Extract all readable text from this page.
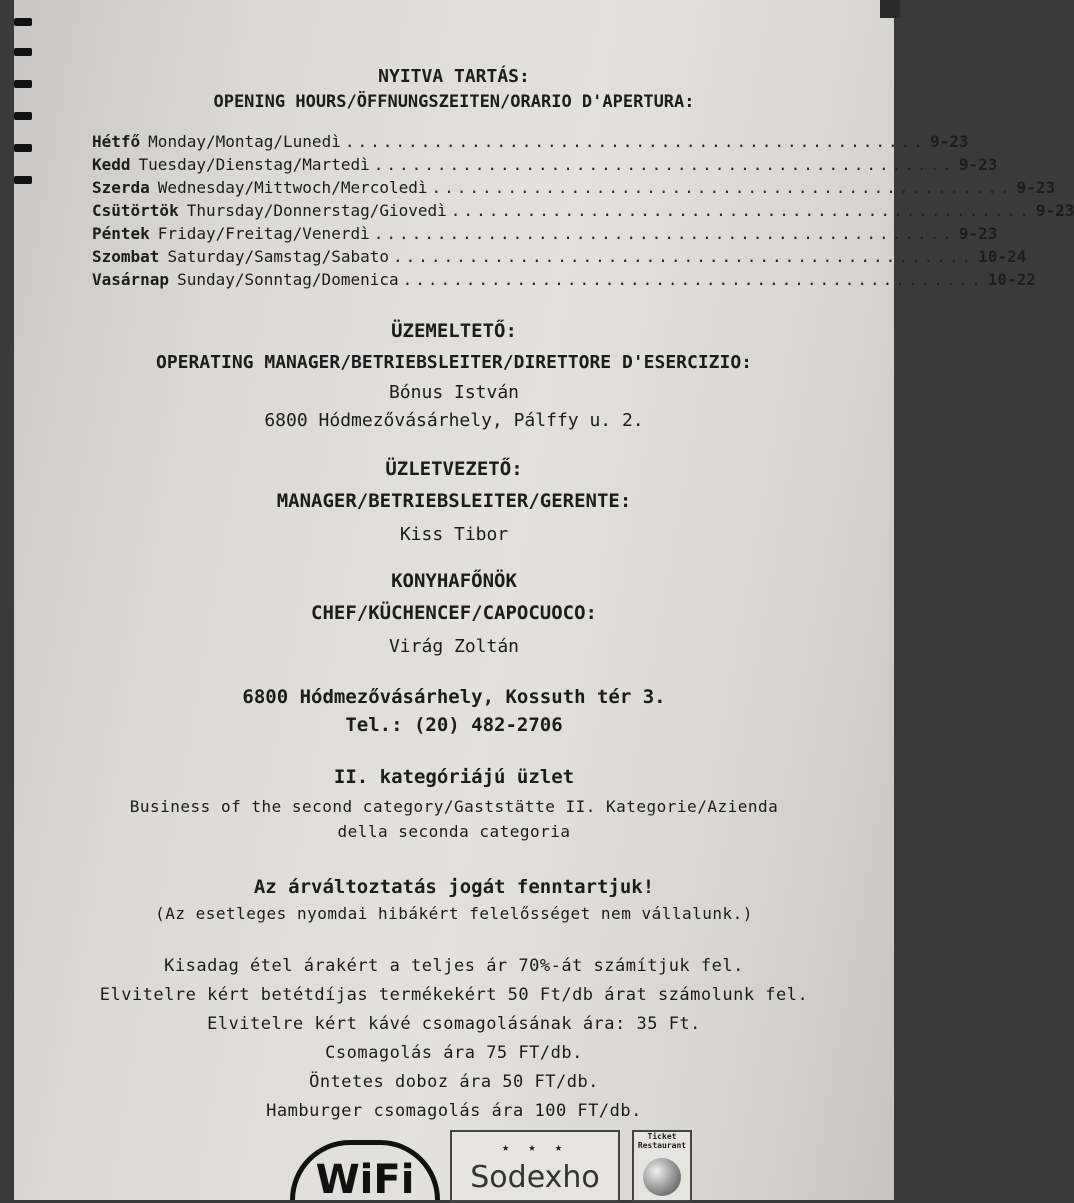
NYITVA TARTÁS:
OPENING HOURS/ÖFFNUNGSZEITEN/ORARIO D'APERTURA:
Hétfő Monday/Montag/Lunedì .............................................. 9-23
Kedd Tuesday/Dienstag/Martedì .............................................. 9-23
Szerda Wednesday/Mittwoch/Mercoledì .............................................. 9-23
Csütörtök Thursday/Donnerstag/Giovedì .............................................. 9-23
Péntek Friday/Freitag/Venerdì .............................................. 9-23
Szombat Saturday/Samstag/Sabato .............................................. 10-24
Vasárnap Sunday/Sonntag/Domenica .............................................. 10-22
ÜZEMELTETŐ:
OPERATING MANAGER/BETRIEBSLEITER/DIRETTORE D'ESERCIZIO:
Bónus István
6800 Hódmezővásárhely, Pálffy u. 2.
ÜZLETVEZETŐ:
MANAGER/BETRIEBSLEITER/GERENTE:
Kiss Tibor
KONYHAFŐNÖK
CHEF/KÜCHENCEF/CAPOCUOCO:
Virág Zoltán
6800 Hódmezővásárhely, Kossuth tér 3.
Tel.: (20) 482-2706
II. kategóriájú üzlet
Business of the second category/Gaststätte II. Kategorie/Azienda
della seconda categoria
Az árváltoztatás jogát fenntartjuk!
(Az esetleges nyomdai hibákért felelősséget nem vállalunk.)
Kisadag étel árakért a teljes ár 70%-át számítjuk fel.
Elvitelre kért betétdíjas termékekért 50 Ft/db árat számolunk fel.
Elvitelre kért kávé csomagolásának ára: 35 Ft.
Csomagolás ára 75 FT/db.
Öntetes doboz ára 50 FT/db.
Hamburger csomagolás ára 100 FT/db.
WiFi
★ ★ ★
Sodexho
Ticket Restaurant
